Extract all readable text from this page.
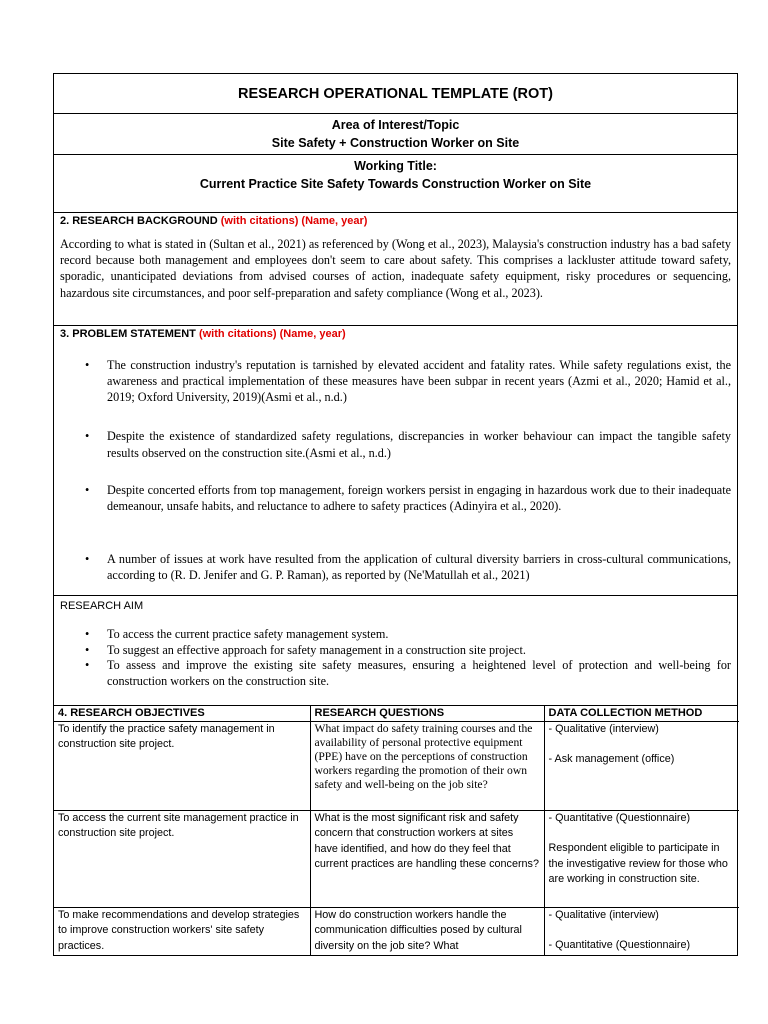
RESEARCH OPERATIONAL TEMPLATE (ROT)
Area of Interest/Topic
Site Safety + Construction Worker on Site
Working Title:
Current Practice Site Safety Towards Construction Worker on Site
2. RESEARCH BACKGROUND (with citations) (Name, year)

According to what is stated in (Sultan et al., 2021) as referenced by (Wong et al., 2023), Malaysia's construction industry has a bad safety record because both management and employees don't seem to care about safety. This comprises a lackluster attitude toward safety, sporadic, unanticipated deviations from advised courses of action, inadequate safety equipment, risky procedures or sequencing, hazardous site circumstances, and poor self-preparation and safety compliance (Wong et al., 2023).

3. PROBLEM STATEMENT (with citations) (Name, year)
• The construction industry's reputation is tarnished by elevated accident and fatality rates. While safety regulations exist, the awareness and practical implementation of these measures have been subpar in recent years (Azmi et al., 2020; Hamid et al., 2019; Oxford University, 2019)(Asmi et al., n.d.)
• Despite the existence of standardized safety regulations, discrepancies in worker behaviour can impact the tangible safety results observed on the construction site.(Asmi et al., n.d.)
• Despite concerted efforts from top management, foreign workers persist in engaging in hazardous work due to their inadequate demeanour, unsafe habits, and reluctance to adhere to safety practices (Adinyira et al., 2020).
• A number of issues at work have resulted from the application of cultural diversity barriers in cross-cultural communications, according to (R. D. Jenifer and G. P. Raman), as reported by (Ne'Matullah et al., 2021)
RESEARCH AIM
• To access the current practice safety management system.
• To suggest an effective approach for safety management in a construction site project.
• To assess and improve the existing site safety measures, ensuring a heightened level of protection and well-being for construction workers on the construction site.
4. RESEARCH OBJECTIVES	RESEARCH QUESTIONS	DATA COLLECTION METHOD
To identify the practice safety management in construction site project.	What impact do safety training courses and the availability of personal protective equipment (PPE) have on the perceptions of construction workers regarding the promotion of their own safety and well-being on the job site?	- Qualitative (interview)
- Ask management (office)

To access the current site management practice in construction site project.	What is the most significant risk and safety concern that construction workers at sites have identified, and how do they feel that current practices are handling these concerns?	- Quantitative (Questionnaire)
Respondent eligible to participate in the investigative review for those who are working in construction site.

To make recommendations and develop strategies to improve construction workers' site safety practices.	How do construction workers handle the communication difficulties posed by cultural diversity on the job site? What	- Qualitative (interview)
- Quantitative (Questionnaire)
